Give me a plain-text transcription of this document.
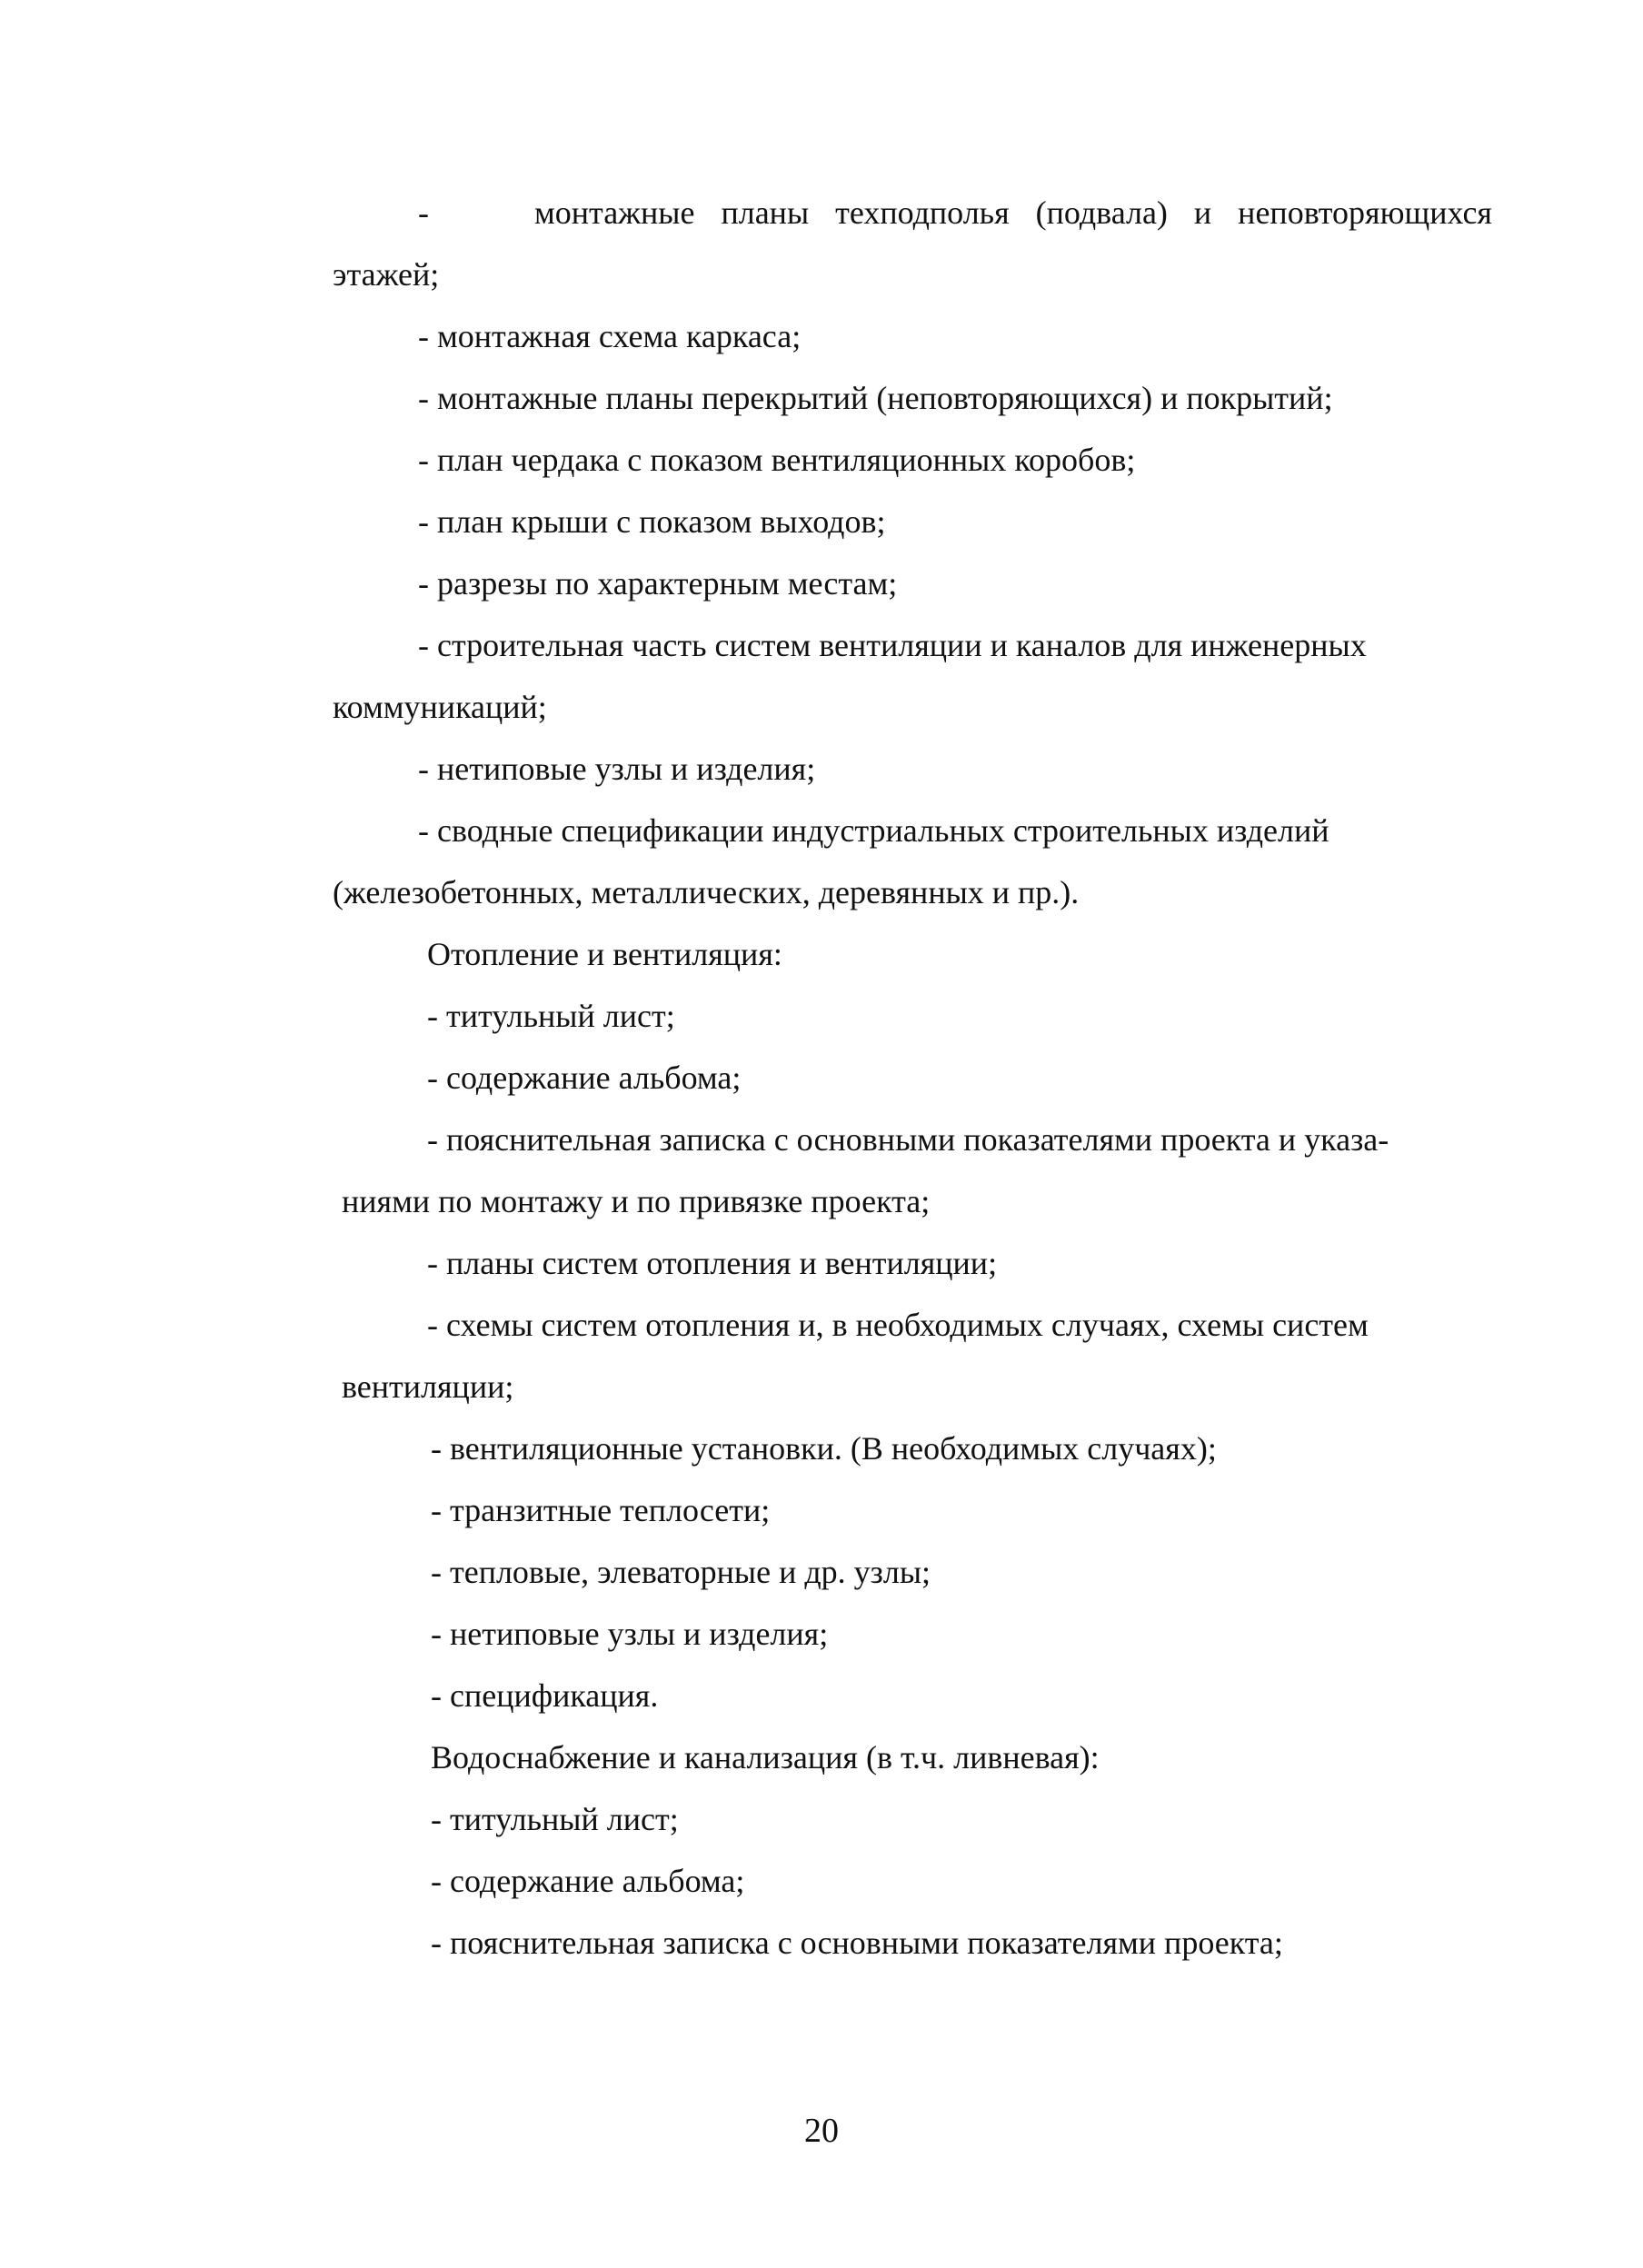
-    монтажные планы техподполья (подвала) и неповторяющихся
этажей;
- монтажная схема каркаса;
- монтажные планы перекрытий (неповторяющихся) и покрытий;
- план чердака с показом вентиляционных коробов;
- план крыши с показом выходов;
- разрезы по характерным местам;
- строительная часть систем вентиляции и каналов для инженерных
коммуникаций;
- нетиповые узлы и изделия;
- сводные спецификации индустриальных строительных изделий
(железобетонных, металлических, деревянных и пр.).
Отопление и вентиляция:
- титульный лист;
- содержание альбома;
- пояснительная записка с основными показателями проекта и указа-
ниями по монтажу и по привязке проекта;
- планы систем отопления и вентиляции;
- схемы систем отопления и, в необходимых случаях, схемы систем
вентиляции;
- вентиляционные установки. (В необходимых случаях);
- транзитные теплосети;
- тепловые, элеваторные и др. узлы;
- нетиповые узлы и изделия;
- спецификация.
Водоснабжение и канализация (в т.ч. ливневая):
- титульный лист;
- содержание альбома;
- пояснительная записка с основными показателями проекта;
20
